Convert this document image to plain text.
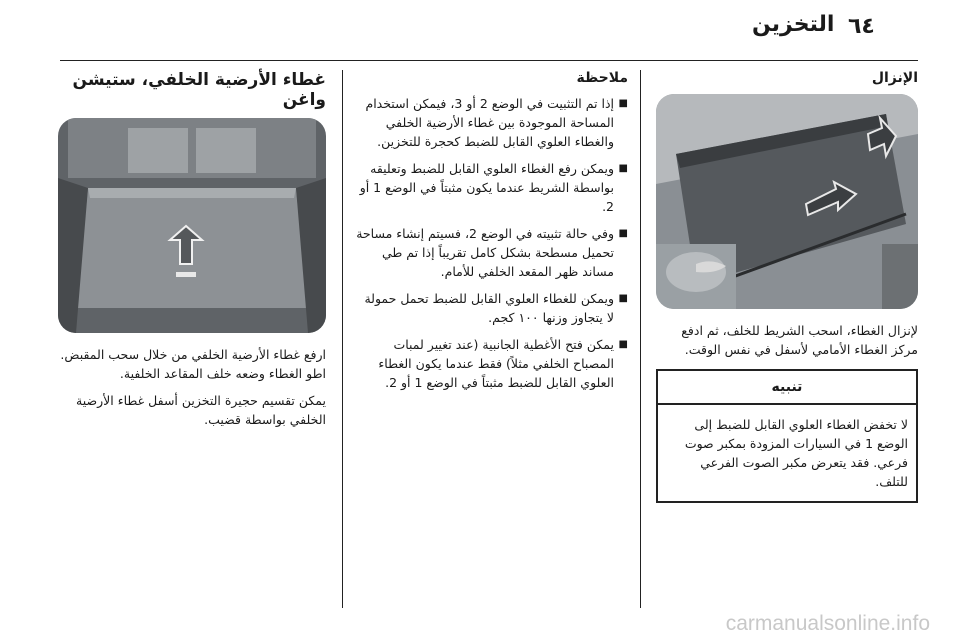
٦٤
التخزين
الإنزال
لإنزال الغطاء، اسحب الشريط للخلف، ثم ادفع مركز الغطاء الأمامي لأسفل في نفس الوقت.
تنبيه
لا تخفض الغطاء العلوي القابل للضبط إلى الوضع 1 في السيارات المزودة بمكبر صوت فرعي. فقد يتعرض مكبر الصوت الفرعي للتلف.
ملاحظة
■ إذا تم التثبيت في الوضع 2 أو 3، فيمكن استخدام المساحة الموجودة بين غطاء الأرضية الخلفي والغطاء العلوي القابل للضبط كحجرة للتخزين.
■ ويمكن رفع الغطاء العلوي القابل للضبط وتعليقه بواسطة الشريط عندما يكون مثبتاً في الوضع 1 أو 2.
■ وفي حالة تثبيته في الوضع 2، فسيتم إنشاء مساحة تحميل مسطحة بشكل كامل تقريباً إذا تم طي مساند ظهر المقعد الخلفي للأمام.
■ ويمكن للغطاء العلوي القابل للضبط تحمل حمولة لا يتجاوز وزنها ١٠٠ كجم.
■ يمكن فتح الأغطية الجانبية (عند تغيير لمبات المصباح الخلفي مثلاً) فقط عندما يكون الغطاء العلوي القابل للضبط مثبتاً في الوضع 1 أو 2.
غطاء الأرضية الخلفي، ستيشن واغن
ارفع غطاء الأرضية الخلفي من خلال سحب المقبض. اطو الغطاء وضعه خلف المقاعد الخلفية.
يمكن تقسيم حجيرة التخزين أسفل غطاء الأرضية الخلفي بواسطة قضيب.
carmanualsonline.info
